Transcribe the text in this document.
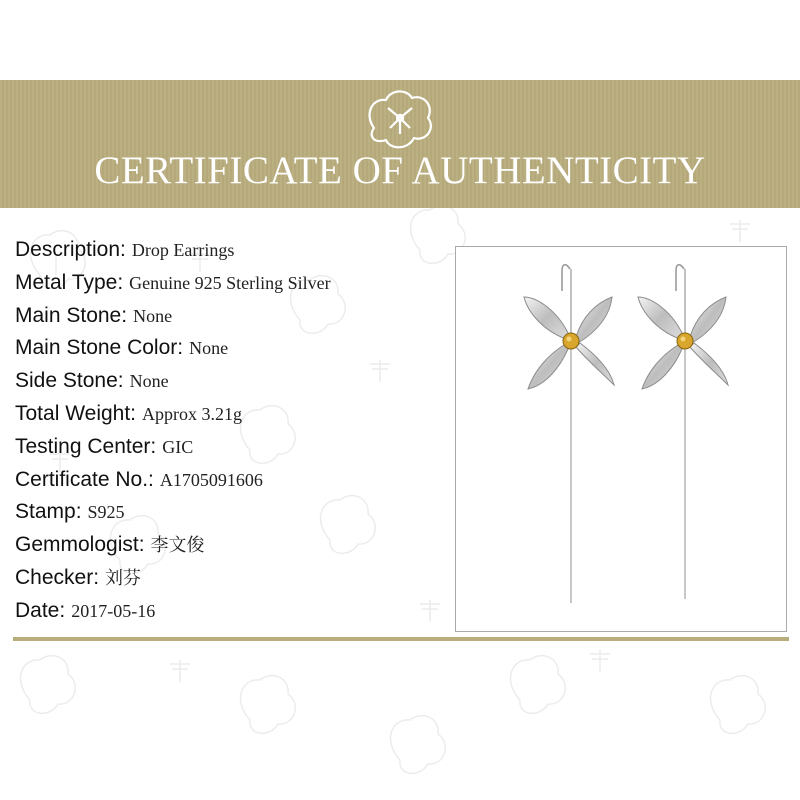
CERTIFICATE OF AUTHENTICITY
Description: Drop Earrings
Metal Type: Genuine 925 Sterling Silver
Main Stone: None
Main Stone Color: None
Side Stone: None
Total Weight: Approx 3.21g
Testing Center: GIC
Certificate No.: A1705091606
Stamp: S925
Gemmologist: 李文俊
Checker: 刘芬
Date: 2017-05-16
